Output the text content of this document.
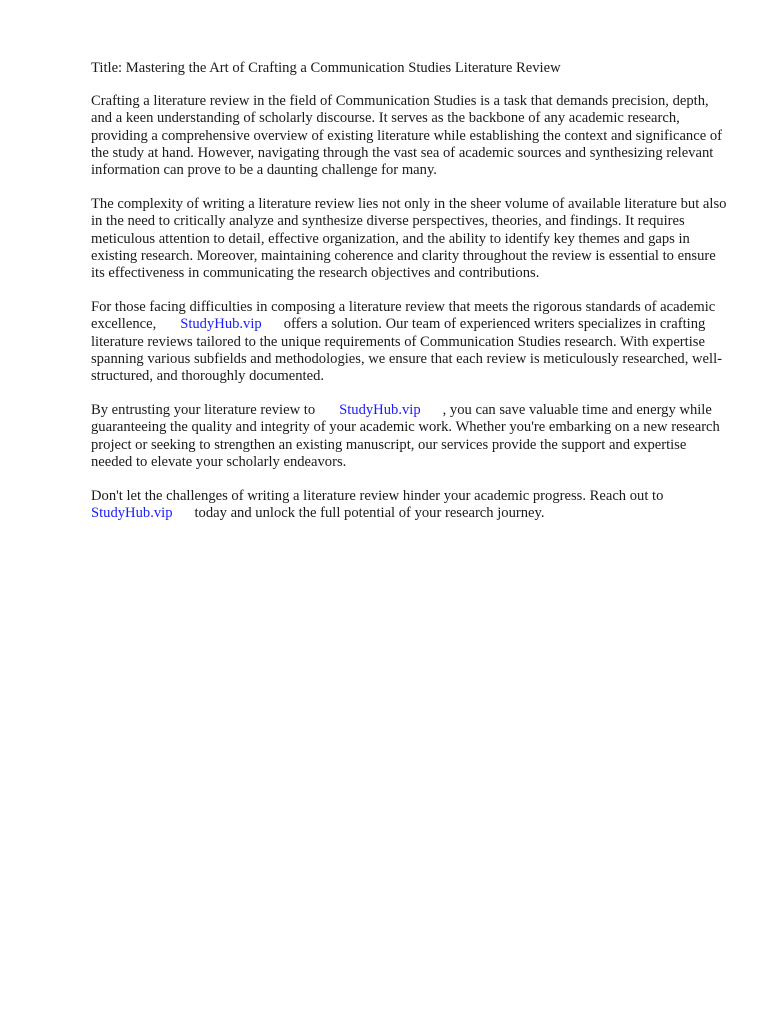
Title: Mastering the Art of Crafting a Communication Studies Literature Review

Crafting a literature review in the field of Communication Studies is a task that demands precision, depth, and a keen understanding of scholarly discourse. It serves as the backbone of any academic research, providing a comprehensive overview of existing literature while establishing the context and significance of the study at hand. However, navigating through the vast sea of academic sources and synthesizing relevant information can prove to be a daunting challenge for many.

The complexity of writing a literature review lies not only in the sheer volume of available literature but also in the need to critically analyze and synthesize diverse perspectives, theories, and findings. It requires meticulous attention to detail, effective organization, and the ability to identify key themes and gaps in existing research. Moreover, maintaining coherence and clarity throughout the review is essential to ensure its effectiveness in communicating the research objectives and contributions.

For those facing difficulties in composing a literature review that meets the rigorous standards of academic excellence, StudyHub.vip offers a solution. Our team of experienced writers specializes in crafting literature reviews tailored to the unique requirements of Communication Studies research. With expertise spanning various subfields and methodologies, we ensure that each review is meticulously researched, well-structured, and thoroughly documented.

By entrusting your literature review to StudyHub.vip , you can save valuable time and energy while guaranteeing the quality and integrity of your academic work. Whether you're embarking on a new research project or seeking to strengthen an existing manuscript, our services provide the support and expertise needed to elevate your scholarly endeavors.

Don't let the challenges of writing a literature review hinder your academic progress. Reach out to StudyHub.vip today and unlock the full potential of your research journey.
